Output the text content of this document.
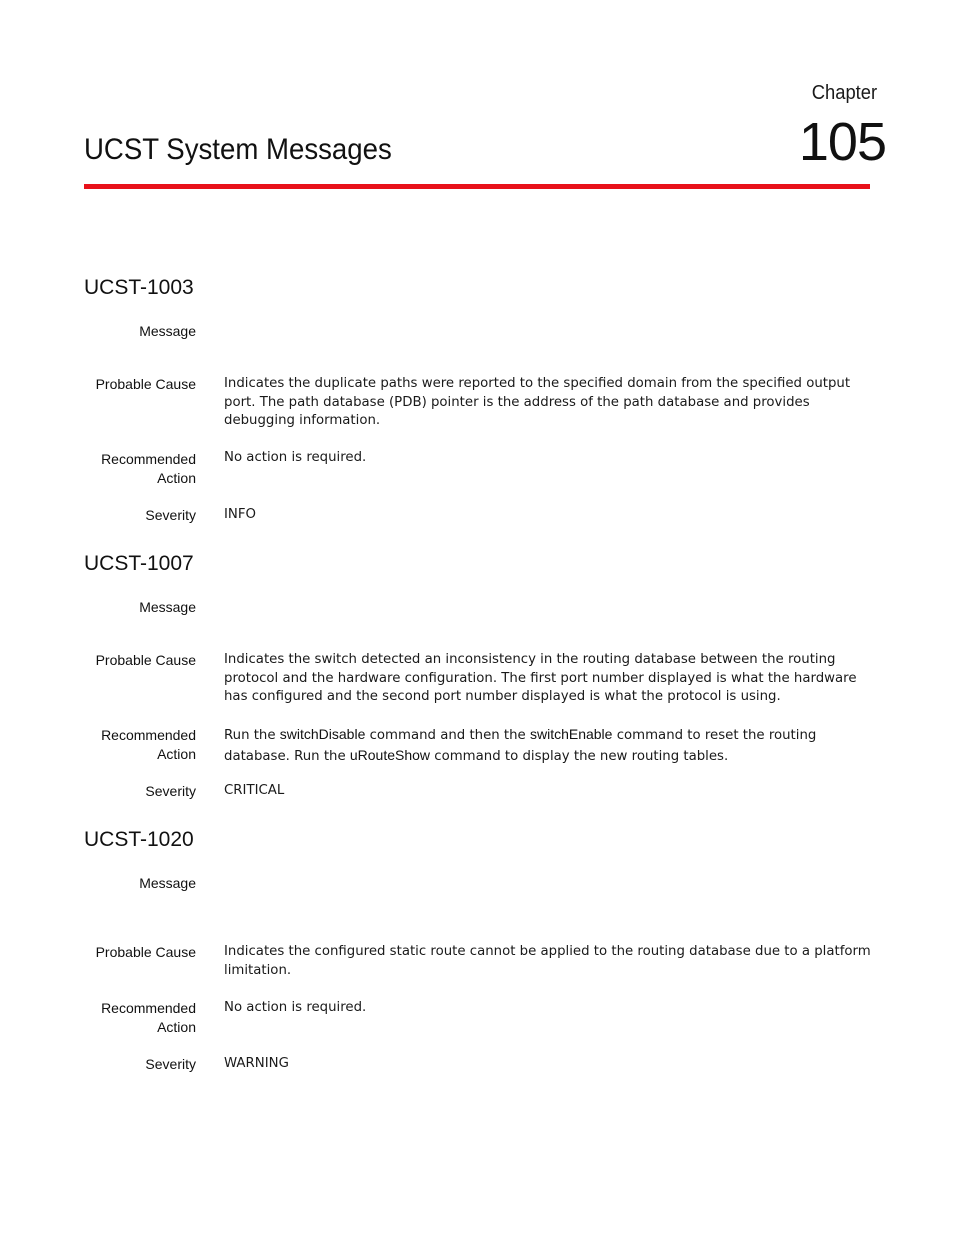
Chapter
105
UCST System Messages
UCST-1003
Message
Probable Cause Indicates the duplicate paths were reported to the specified domain from the specified output port. The path database (PDB) pointer is the address of the path database and provides debugging information.
Recommended
Action
No action is required.
Severity INFO
UCST-1007
Message
Probable Cause Indicates the switch detected an inconsistency in the routing database between the routing protocol and the hardware configuration. The first port number displayed is what the hardware has configured and the second port number displayed is what the protocol is using.
Recommended
Action
Run the switchDisable command and then the switchEnable command to reset the routing database. Run the uRouteShow command to display the new routing tables.
Severity CRITICAL
UCST-1020
Message
Probable Cause Indicates the configured static route cannot be applied to the routing database due to a platform limitation.
Recommended
Action
No action is required.
Severity WARNING
